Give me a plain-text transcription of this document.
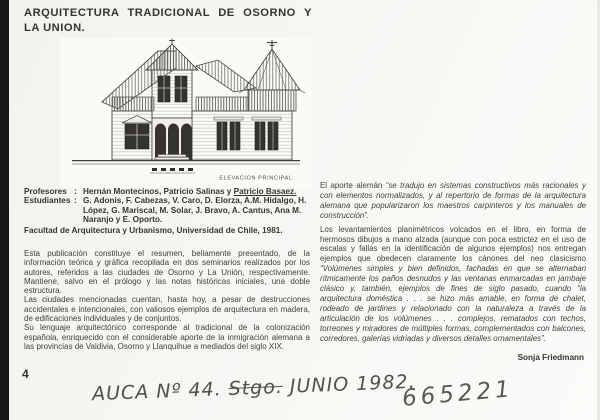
ARQUITECTURA TRADICIONAL DE OSORNO Y LA UNION.
ELEVACION PRINCIPAL
Profesores : Hernán Montecinos, Patricio Salinas y Patricio Basaez.
Estudiantes : G. Adonis, F. Cabezas, V. Caro, D. Elorza, A.M. Hidalgo, H. López, G. Mariscal, M. Solar, J. Bravo, A. Cantus, Ana M. Naranjo y E. Oporto.
Facultad de Arquitectura y Urbanismo, Universidad de Chile, 1981.

Esta publicación constituye el resumen, bellamente presentado, de la información teórica y gráfica recopilada en dos seminarios realizados por los autores, referidos a las ciudades de Osorno y La Unión, respectivamente. Mantiene, salvo en el prólogo y las notas históricas iniciales, una doble estructura.

Las ciudades mencionadas cuentan, hasta hoy, a pesar de destrucciones accidentales e intencionales, con valiosos ejemplos de arquitectura en madera, de edificaciones individuales y de conjuntos.

Su lenguaje arquitectónico corresponde al tradicional de la colonización española, enriquecido con el considerable aporte de la inmigración alemana a las provincias de Valdivia, Osorno y Llanquihue a mediados del siglo XIX.

El aporte alemán “se tradujo en sistemas constructivos más racionales y con elementos normalizados, y al repertorio de formas de la arquitectura alemana que popularizaron los maestros carpinteros y los manuales de construcción”.

Los levantamientos planimétricos volcados en el libro, en forma de hermosos dibujos a mano alzada (aunque con poca estrictez en el uso de escalas y fallas en la identificación de algunos ejemplos) nos entregan ejemplos que obedecen claramente los cánones del neo clasicismo “Volúmenes simples y bien definidos, fachadas en que se alternaban rítmicamente los paños desnudos y las ventanas enmarcadas en jambaje clásico y, también, ejemplos de fines de siglo pasado, cuando “la arquitectura doméstica . . . se hizo más amable, en forma de chalet, rodeado de jardines y relacionado con la naturaleza a través de la articulación de los volúmenes . . . complejos, rematados con techos, torreones y miradores de múltiples formas, complementados con balcones, corredores, galerías vidriadas y diversos detalles ornamentales”.

Sonja Friedmann
4
AUCA Nº 44. Stgo. JUNIO 1982,
665221
